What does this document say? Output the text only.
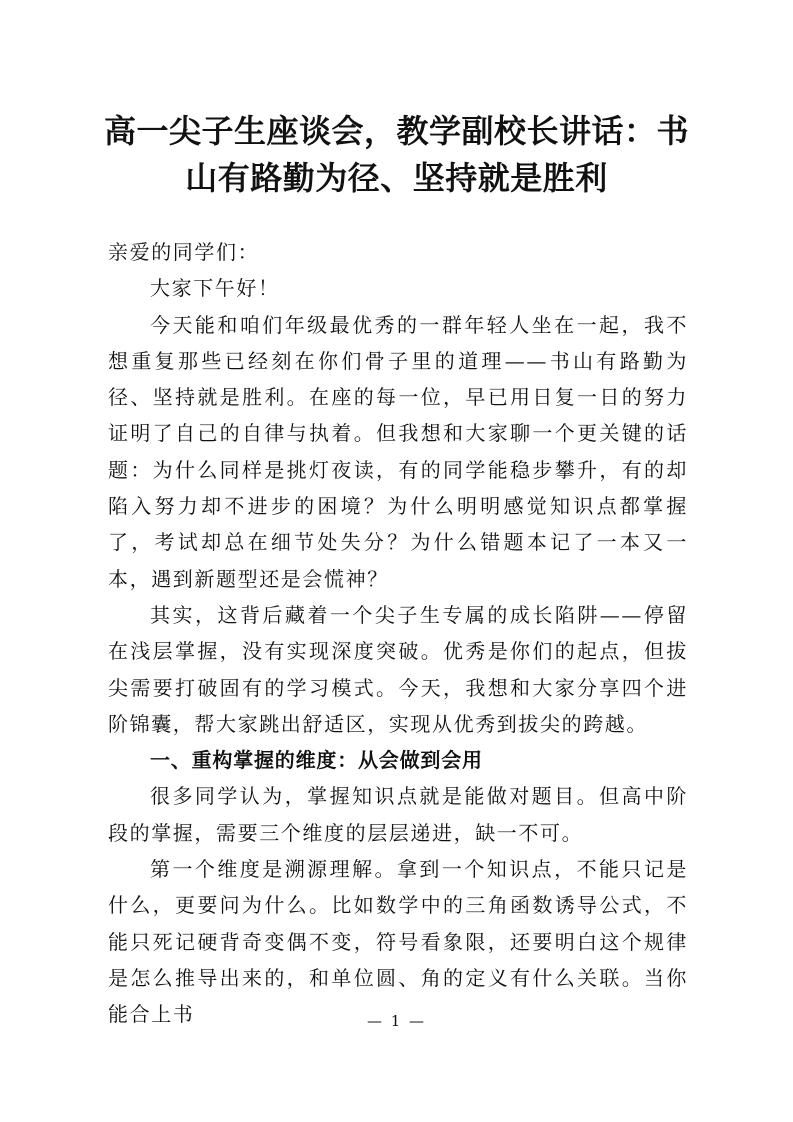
高一尖子生座谈会，教学副校长讲话：书
山有路勤为径、坚持就是胜利

亲爱的同学们：

大家下午好！

今天能和咱们年级最优秀的一群年轻人坐在一起，我不想重复那些已经刻在你们骨子里的道理——书山有路勤为径、坚持就是胜利。在座的每一位，早已用日复一日的努力证明了自己的自律与执着。但我想和大家聊一个更关键的话题：为什么同样是挑灯夜读，有的同学能稳步攀升，有的却陷入努力却不进步的困境？为什么明明感觉知识点都掌握了，考试却总在细节处失分？为什么错题本记了一本又一本，遇到新题型还是会慌神？

其实，这背后藏着一个尖子生专属的成长陷阱——停留在浅层掌握，没有实现深度突破。优秀是你们的起点，但拔尖需要打破固有的学习模式。今天，我想和大家分享四个进阶锦囊，帮大家跳出舒适区，实现从优秀到拔尖的跨越。

一、重构掌握的维度：从会做到会用

很多同学认为，掌握知识点就是能做对题目。但高中阶段的掌握，需要三个维度的层层递进，缺一不可。

第一个维度是溯源理解。拿到一个知识点，不能只记是什么，更要问为什么。比如数学中的三角函数诱导公式，不能只死记硬背奇变偶不变，符号看象限，还要明白这个规律是怎么推导出来的，和单位圆、角的定义有什么关联。当你能合上书	— 1 —
